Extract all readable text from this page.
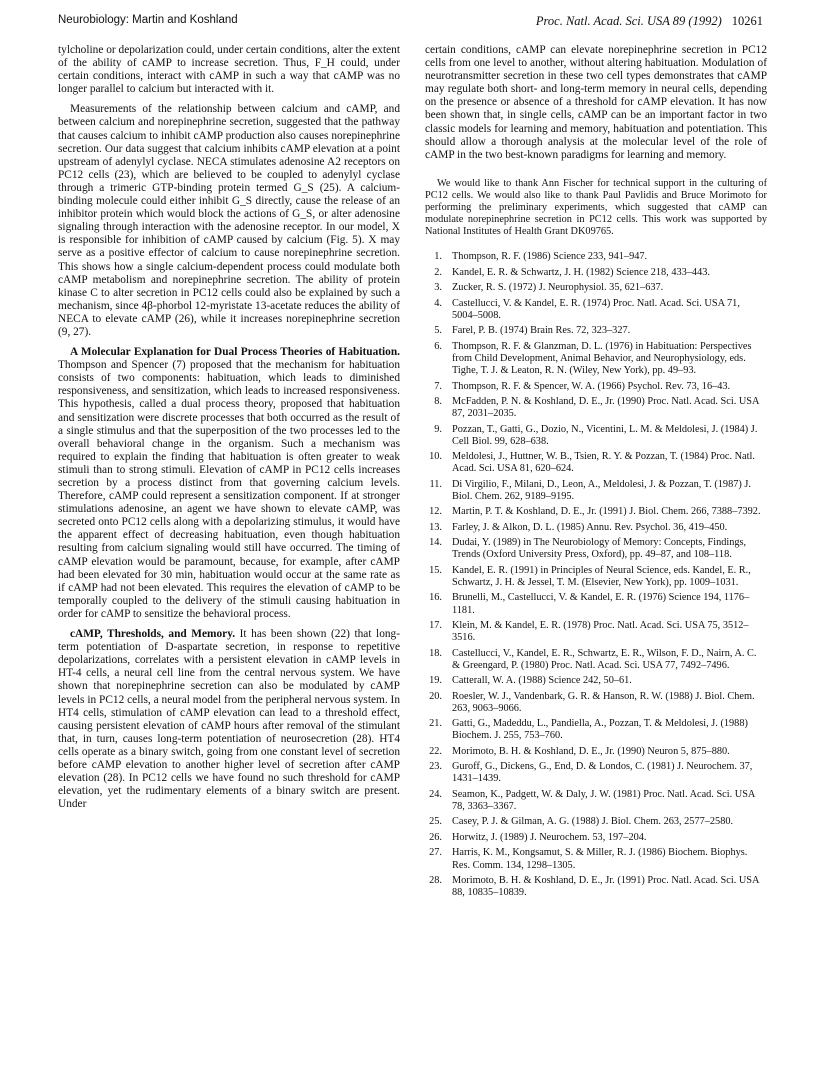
Neurobiology: Martin and Koshland	Proc. Natl. Acad. Sci. USA 89 (1992) 10261

tylcholine or depolarization could, under certain conditions, alter the extent of the ability of cAMP to increase secretion. Thus, F_H could, under certain conditions, interact with cAMP in such a way that cAMP was no longer parallel to calcium but interacted with it.

Measurements of the relationship between calcium and cAMP, and between calcium and norepinephrine secretion, suggested that the pathway that causes calcium to inhibit cAMP production also causes norepinephrine secretion. Our data suggest that calcium inhibits cAMP elevation at a point upstream of adenylyl cyclase. NECA stimulates adenosine A2 receptors on PC12 cells (23), which are believed to be coupled to adenylyl cyclase through a trimeric GTP-binding protein termed G_S (25). A calcium-binding molecule could either inhibit G_S directly, cause the release of an inhibitor protein which would block the actions of G_S, or alter adenosine signaling through interaction with the adenosine receptor. In our model, X is responsible for inhibition of cAMP caused by calcium (Fig. 5). X may serve as a positive effector of calcium to cause norepinephrine secretion. This shows how a single calcium-dependent process could modulate both cAMP metabolism and norepinephrine secretion. The ability of protein kinase C to alter secretion in PC12 cells could also be explained by such a mechanism, since 4β-phorbol 12-myristate 13-acetate reduces the ability of NECA to elevate cAMP (26), while it increases norepinephrine secretion (9, 27).

A Molecular Explanation for Dual Process Theories of Habituation. Thompson and Spencer (7) proposed that the mechanism for habituation consists of two components: habituation, which leads to diminished responsiveness, and sensitization, which leads to increased responsiveness. This hypothesis, called a dual process theory, proposed that habituation and sensitization were discrete processes that both occurred as the result of a single stimulus and that the superposition of the two processes led to the overall behavioral change in the organism. Such a mechanism was required to explain the finding that habituation is often greater to weak stimuli than to strong stimuli. Elevation of cAMP in PC12 cells increases secretion by a process distinct from that governing calcium levels. Therefore, cAMP could represent a sensitization component. If at stronger stimulations adenosine, an agent we have shown to elevate cAMP, was secreted onto PC12 cells along with a depolarizing stimulus, it would have the apparent effect of decreasing habituation, even though habituation resulting from calcium signaling would still have occurred. The timing of cAMP elevation would be paramount, because, for example, after cAMP had been elevated for 30 min, habituation would occur at the same rate as if cAMP had not been elevated. This requires the elevation of cAMP to be temporally coupled to the delivery of the stimuli causing habituation in order for cAMP to sensitize the behavioral process.

cAMP, Thresholds, and Memory. It has been shown (22) that long-term potentiation of D-aspartate secretion, in response to repetitive depolarizations, correlates with a persistent elevation in cAMP levels in HT-4 cells, a neural cell line from the central nervous system. We have shown that norepinephrine secretion can also be modulated by cAMP levels in PC12 cells, a neural model from the peripheral nervous system. In HT4 cells, stimulation of cAMP elevation can lead to a threshold effect, causing persistent elevation of cAMP hours after removal of the stimulant that, in turn, causes long-term potentiation of neurosecretion (28). HT4 cells operate as a binary switch, going from one constant level of secretion before cAMP elevation to another higher level of secretion after cAMP elevation (28). In PC12 cells we have found no such threshold for cAMP elevation, yet the rudimentary elements of a binary switch are present. Under

certain conditions, cAMP can elevate norepinephrine secretion in PC12 cells from one level to another, without altering habituation. Modulation of neurotransmitter secretion in these two cell types demonstrates that cAMP may regulate both short- and long-term memory in neural cells, depending on the presence or absence of a threshold for cAMP elevation. It has now been shown that, in single cells, cAMP can be an important factor in two classic models for learning and memory, habituation and potentiation. This should allow a thorough analysis at the molecular level of the role of cAMP in the two best-known paradigms for learning and memory.

We would like to thank Ann Fischer for technical support in the culturing of PC12 cells. We would also like to thank Paul Pavlidis and Bruce Morimoto for performing the preliminary experiments, which suggested that cAMP can modulate norepinephrine secretion in PC12 cells. This work was supported by National Institutes of Health Grant DK09765.
1. Thompson, R. F. (1986) Science 233, 941–947.
2. Kandel, E. R. & Schwartz, J. H. (1982) Science 218, 433–443.
3. Zucker, R. S. (1972) J. Neurophysiol. 35, 621–637.
4. Castellucci, V. & Kandel, E. R. (1974) Proc. Natl. Acad. Sci. USA 71, 5004–5008.
5. Farel, P. B. (1974) Brain Res. 72, 323–327.
6. Thompson, R. F. & Glanzman, D. L. (1976) in Habituation: Perspectives from Child Development, Animal Behavior, and Neurophysiology, eds. Tighe, T. J. & Leaton, R. N. (Wiley, New York), pp. 49–93.
7. Thompson, R. F. & Spencer, W. A. (1966) Psychol. Rev. 73, 16–43.
8. McFadden, P. N. & Koshland, D. E., Jr. (1990) Proc. Natl. Acad. Sci. USA 87, 2031–2035.
9. Pozzan, T., Gatti, G., Dozio, N., Vicentini, L. M. & Meldolesi, J. (1984) J. Cell Biol. 99, 628–638.
10. Meldolesi, J., Huttner, W. B., Tsien, R. Y. & Pozzan, T. (1984) Proc. Natl. Acad. Sci. USA 81, 620–624.
11. Di Virgilio, F., Milani, D., Leon, A., Meldolesi, J. & Pozzan, T. (1987) J. Biol. Chem. 262, 9189–9195.
12. Martin, P. T. & Koshland, D. E., Jr. (1991) J. Biol. Chem. 266, 7388–7392.
13. Farley, J. & Alkon, D. L. (1985) Annu. Rev. Psychol. 36, 419–450.
14. Dudai, Y. (1989) in The Neurobiology of Memory: Concepts, Findings, Trends (Oxford University Press, Oxford), pp. 49–87, and 108–118.
15. Kandel, E. R. (1991) in Principles of Neural Science, eds. Kandel, E. R., Schwartz, J. H. & Jessel, T. M. (Elsevier, New York), pp. 1009–1031.
16. Brunelli, M., Castellucci, V. & Kandel, E. R. (1976) Science 194, 1176–1181.
17. Klein, M. & Kandel, E. R. (1978) Proc. Natl. Acad. Sci. USA 75, 3512–3516.
18. Castellucci, V., Kandel, E. R., Schwartz, E. R., Wilson, F. D., Nairn, A. C. & Greengard, P. (1980) Proc. Natl. Acad. Sci. USA 77, 7492–7496.
19. Catterall, W. A. (1988) Science 242, 50–61.
20. Roesler, W. J., Vandenbark, G. R. & Hanson, R. W. (1988) J. Biol. Chem. 263, 9063–9066.
21. Gatti, G., Madeddu, L., Pandiella, A., Pozzan, T. & Meldolesi, J. (1988) Biochem. J. 255, 753–760.
22. Morimoto, B. H. & Koshland, D. E., Jr. (1990) Neuron 5, 875–880.
23. Guroff, G., Dickens, G., End, D. & Londos, C. (1981) J. Neurochem. 37, 1431–1439.
24. Seamon, K., Padgett, W. & Daly, J. W. (1981) Proc. Natl. Acad. Sci. USA 78, 3363–3367.
25. Casey, P. J. & Gilman, A. G. (1988) J. Biol. Chem. 263, 2577–2580.
26. Horwitz, J. (1989) J. Neurochem. 53, 197–204.
27. Harris, K. M., Kongsamut, S. & Miller, R. J. (1986) Biochem. Biophys. Res. Comm. 134, 1298–1305.
28. Morimoto, B. H. & Koshland, D. E., Jr. (1991) Proc. Natl. Acad. Sci. USA 88, 10835–10839.
